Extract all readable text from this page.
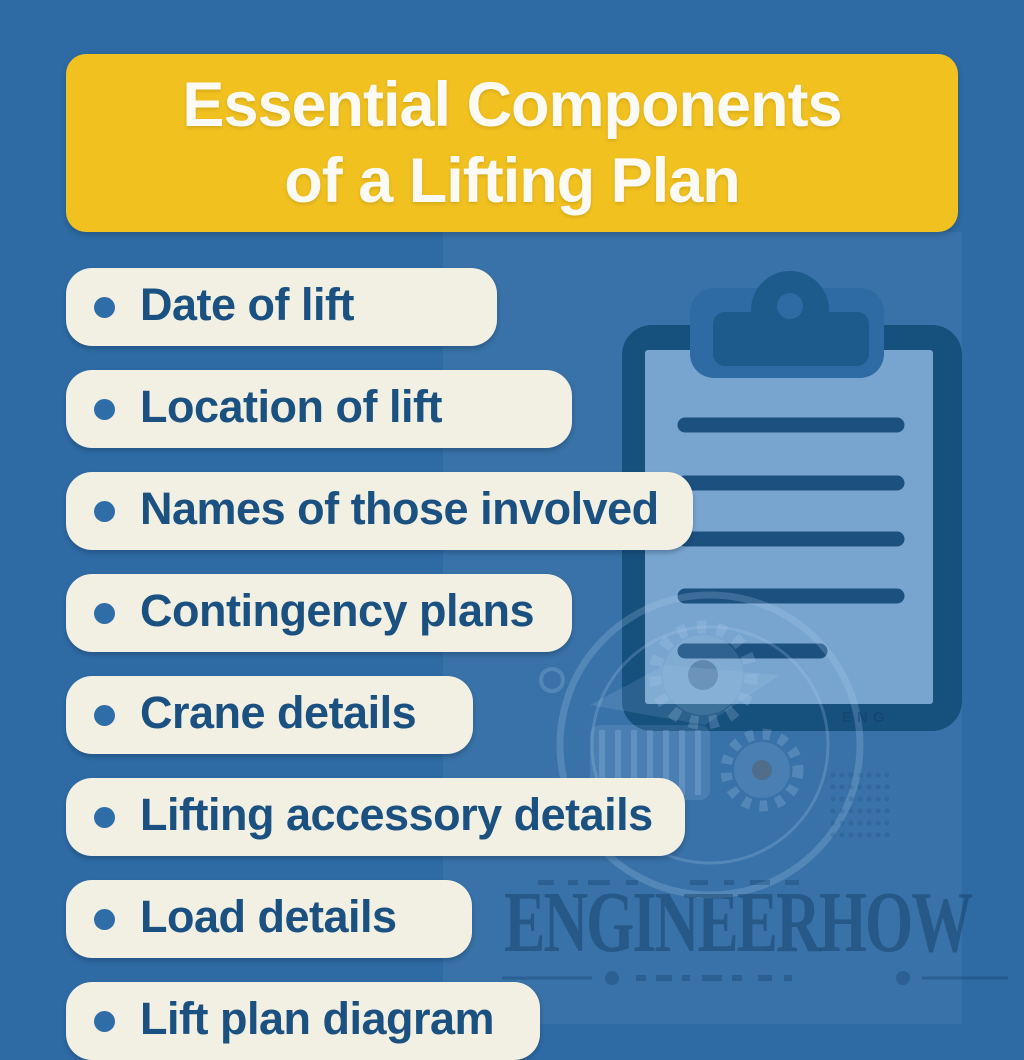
ENG
ENGINEERHOW
Essential Components
of a Lifting Plan
Date of lift
Location of lift
Names of those involved
Contingency plans
Crane details
Lifting accessory details
Load details
Lift plan diagram
